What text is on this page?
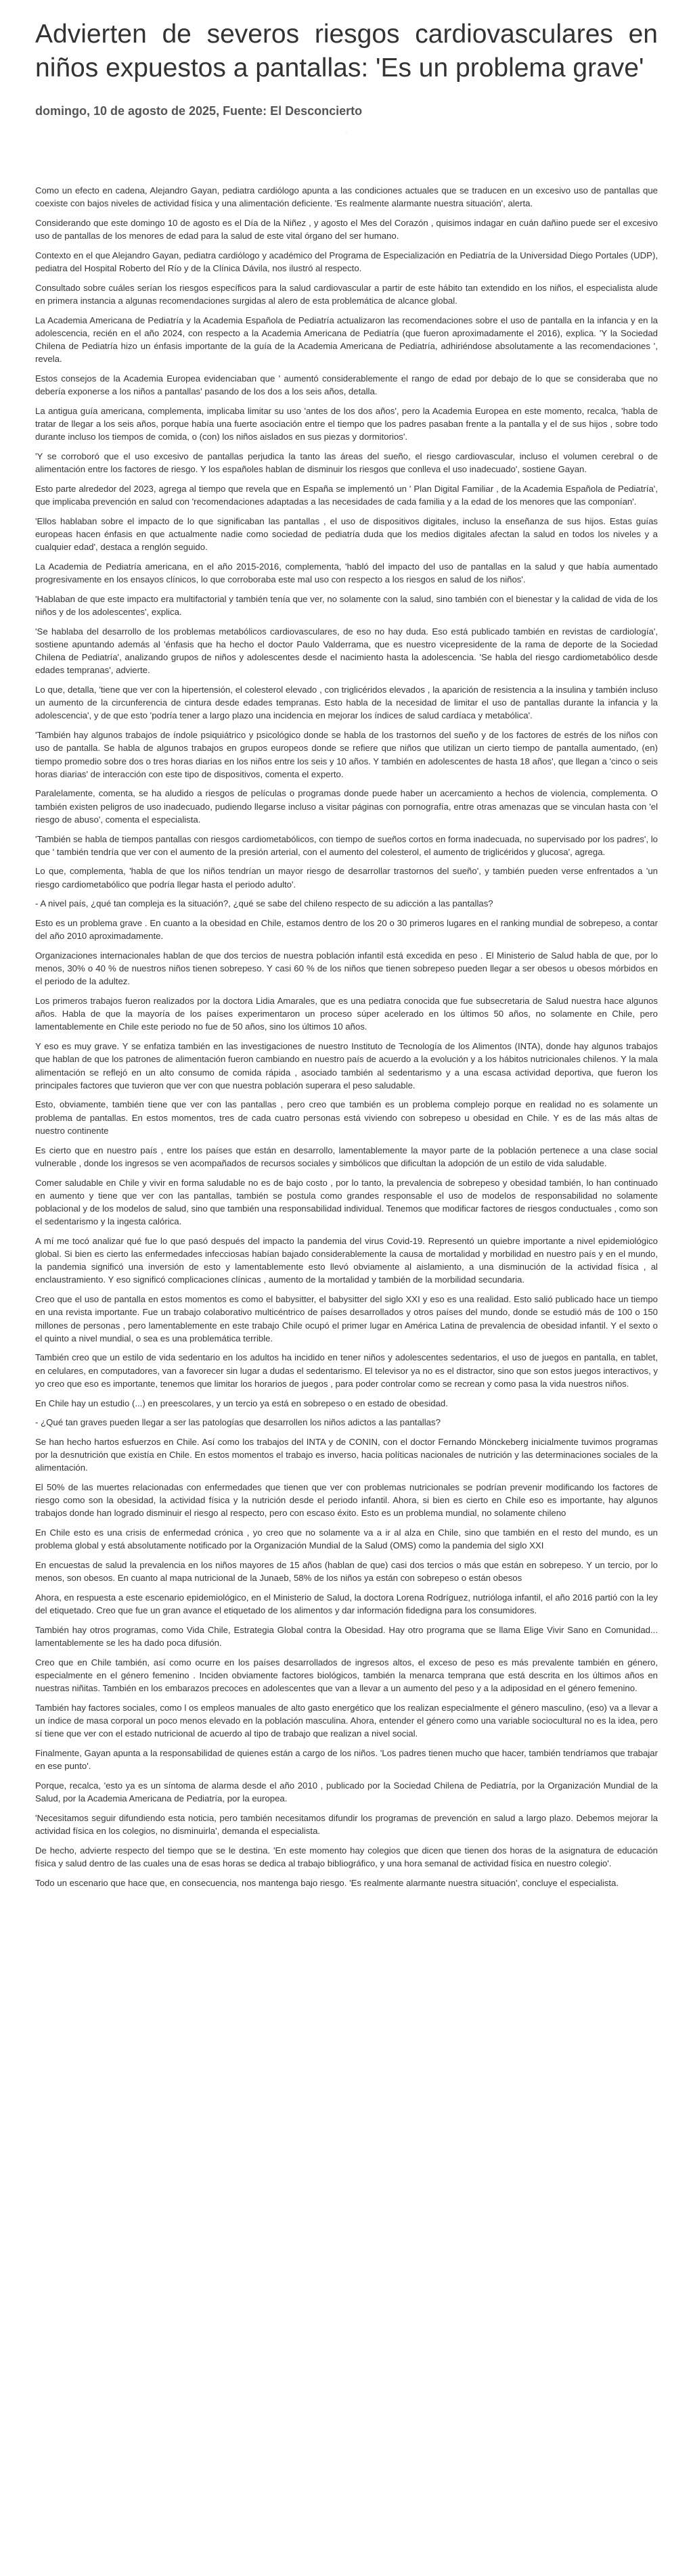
Advierten de severos riesgos cardiovasculares en niños expuestos a pantallas: 'Es un problema grave'
domingo, 10 de agosto de 2025, Fuente: El Desconcierto
·

Como un efecto en cadena, Alejandro Gayan, pediatra cardiólogo apunta a las condiciones actuales que se traducen en un excesivo uso de pantallas que coexiste con bajos niveles de actividad física y una alimentación deficiente. 'Es realmente alarmante nuestra situación', alerta.

Considerando que este domingo 10 de agosto es el Día de la Niñez , y agosto el Mes del Corazón , quisimos indagar en cuán dañino puede ser el excesivo uso de pantallas de los menores de edad para la salud de este vital órgano del ser humano.

Contexto en el que Alejandro Gayan, pediatra cardiólogo y académico del Programa de Especialización en Pediatría de la Universidad Diego Portales (UDP), pediatra del Hospital Roberto del Río y de la Clínica Dávila, nos ilustró al respecto.

Consultado sobre cuáles serían los riesgos específicos para la salud cardiovascular a partir de este hábito tan extendido en los niños, el especialista alude en primera instancia a algunas recomendaciones surgidas al alero de esta problemática de alcance global.

La Academia Americana de Pediatría y la Academia Española de Pediatría actualizaron las recomendaciones sobre el uso de pantalla en la infancia y en la adolescencia, recién en el año 2024, con respecto a la Academia Americana de Pediatría (que fueron aproximadamente el 2016), explica. 'Y la Sociedad Chilena de Pediatría hizo un énfasis importante de la guía de la Academia Americana de Pediatría, adhiriéndose absolutamente a las recomendaciones ', revela.

Estos consejos de la Academia Europea evidenciaban que ' aumentó considerablemente el rango de edad por debajo de lo que se consideraba que no debería exponerse a los niños a pantallas' pasando de los dos a los seis años, detalla.

La antigua guía americana, complementa, implicaba limitar su uso 'antes de los dos años', pero la Academia Europea en este momento, recalca, 'habla de tratar de llegar a los seis años, porque había una fuerte asociación entre el tiempo que los padres pasaban frente a la pantalla y el de sus hijos , sobre todo durante incluso los tiempos de comida, o (con) los niños aislados en sus piezas y dormitorios'.

'Y se corroboró que el uso excesivo de pantallas perjudica la tanto las áreas del sueño, el riesgo cardiovascular, incluso el volumen cerebral o de alimentación entre los factores de riesgo. Y los españoles hablan de disminuir los riesgos que conlleva el uso inadecuado', sostiene Gayan.

Esto parte alrededor del 2023, agrega al tiempo que revela que en España se implementó un ' Plan Digital Familiar , de la Academia Española de Pediatría', que implicaba prevención en salud con 'recomendaciones adaptadas a las necesidades de cada familia y a la edad de los menores que las componían'.

'Ellos hablaban sobre el impacto de lo que significaban las pantallas , el uso de dispositivos digitales, incluso la enseñanza de sus hijos. Estas guías europeas hacen énfasis en que actualmente nadie como sociedad de pediatría duda que los medios digitales afectan la salud en todos los niveles y a cualquier edad', destaca a renglón seguido.

La Academia de Pediatría americana, en el año 2015-2016, complementa, 'habló del impacto del uso de pantallas en la salud y que había aumentado progresivamente en los ensayos clínicos, lo que corroboraba este mal uso con respecto a los riesgos en salud de los niños'.

'Hablaban de que este impacto era multifactorial y también tenía que ver, no solamente con la salud, sino también con el bienestar y la calidad de vida de los niños y de los adolescentes', explica.

'Se hablaba del desarrollo de los problemas metabólicos cardiovasculares, de eso no hay duda. Eso está publicado también en revistas de cardiología', sostiene apuntando además al 'énfasis que ha hecho el doctor Paulo Valderrama, que es nuestro vicepresidente de la rama de deporte de la Sociedad Chilena de Pediatría', analizando grupos de niños y adolescentes desde el nacimiento hasta la adolescencia. 'Se habla del riesgo cardiometabólico desde edades tempranas', advierte.

Lo que, detalla, 'tiene que ver con la hipertensión, el colesterol elevado , con triglicéridos elevados , la aparición de resistencia a la insulina y también incluso un aumento de la circunferencia de cintura desde edades tempranas. Esto habla de la necesidad de limitar el uso de pantallas durante la infancia y la adolescencia', y de que esto 'podría tener a largo plazo una incidencia en mejorar los índices de salud cardíaca y metabólica'.

'También hay algunos trabajos de índole psiquiátrico y psicológico donde se habla de los trastornos del sueño y de los factores de estrés de los niños con uso de pantalla. Se habla de algunos trabajos en grupos europeos donde se refiere que niños que utilizan un cierto tiempo de pantalla aumentado, (en) tiempo promedio sobre dos o tres horas diarias en los niños entre los seis y 10 años. Y también en adolescentes de hasta 18 años', que llegan a 'cinco o seis horas diarias' de interacción con este tipo de dispositivos, comenta el experto.

Paralelamente, comenta, se ha aludido a riesgos de películas o programas donde puede haber un acercamiento a hechos de violencia, complementa. O también existen peligros de uso inadecuado, pudiendo llegarse incluso a visitar páginas con pornografía, entre otras amenazas que se vinculan hasta con 'el riesgo de abuso', comenta el especialista.

'También se habla de tiempos pantallas con riesgos cardiometabólicos, con tiempo de sueños cortos en forma inadecuada, no supervisado por los padres', lo que ' también tendría que ver con el aumento de la presión arterial, con el aumento del colesterol, el aumento de triglicéridos y glucosa', agrega.

Lo que, complementa, 'habla de que los niños tendrían un mayor riesgo de desarrollar trastornos del sueño', y también pueden verse enfrentados a 'un riesgo cardiometabólico que podría llegar hasta el periodo adulto'.

- A nivel país, ¿qué tan compleja es la situación?, ¿qué se sabe del chileno respecto de su adicción a las pantallas?

Esto es un problema grave . En cuanto a la obesidad en Chile, estamos dentro de los 20 o 30 primeros lugares en el ranking mundial de sobrepeso, a contar del año 2010 aproximadamente.

Organizaciones internacionales hablan de que dos tercios de nuestra población infantil está excedida en peso . El Ministerio de Salud habla de que, por lo menos, 30% o 40 % de nuestros niños tienen sobrepeso. Y casi 60 % de los niños que tienen sobrepeso pueden llegar a ser obesos u obesos mórbidos en el periodo de la adultez.

Los primeros trabajos fueron realizados por la doctora Lidia Amarales, que es una pediatra conocida que fue subsecretaria de Salud nuestra hace algunos años. Habla de que la mayoría de los países experimentaron un proceso súper acelerado en los últimos 50 años, no solamente en Chile, pero lamentablemente en Chile este periodo no fue de 50 años, sino los últimos 10 años.

Y eso es muy grave. Y se enfatiza también en las investigaciones de nuestro Instituto de Tecnología de los Alimentos (INTA), donde hay algunos trabajos que hablan de que los patrones de alimentación fueron cambiando en nuestro país de acuerdo a la evolución y a los hábitos nutricionales chilenos. Y la mala alimentación se reflejó en un alto consumo de comida rápida , asociado también al sedentarismo y a una escasa actividad deportiva, que fueron los principales factores que tuvieron que ver con que nuestra población superara el peso saludable.

Esto, obviamente, también tiene que ver con las pantallas , pero creo que también es un problema complejo porque en realidad no es solamente un problema de pantallas. En estos momentos, tres de cada cuatro personas está viviendo con sobrepeso u obesidad en Chile. Y es de las más altas de nuestro continente

Es cierto que en nuestro país , entre los países que están en desarrollo, lamentablemente la mayor parte de la población pertenece a una clase social vulnerable , donde los ingresos se ven acompañados de recursos sociales y simbólicos que dificultan la adopción de un estilo de vida saludable.

Comer saludable en Chile y vivir en forma saludable no es de bajo costo , por lo tanto, la prevalencia de sobrepeso y obesidad también, lo han continuado en aumento y tiene que ver con las pantallas, también se postula como grandes responsable el uso de modelos de responsabilidad no solamente poblacional y de los modelos de salud, sino que también una responsabilidad individual. Tenemos que modificar factores de riesgos conductuales , como son el sedentarismo y la ingesta calórica.

A mí me tocó analizar qué fue lo que pasó después del impacto la pandemia del virus Covid-19. Representó un quiebre importante a nivel epidemiológico global. Si bien es cierto las enfermedades infecciosas habían bajado considerablemente la causa de mortalidad y morbilidad en nuestro país y en el mundo, la pandemia significó una inversión de esto y lamentablemente esto llevó obviamente al aislamiento, a una disminución de la actividad física , al enclaustramiento. Y eso significó complicaciones clínicas , aumento de la mortalidad y también de la morbilidad secundaria.

Creo que el uso de pantalla en estos momentos es como el babysitter, el babysitter del siglo XXI y eso es una realidad. Esto salió publicado hace un tiempo en una revista importante. Fue un trabajo colaborativo multicéntrico de países desarrollados y otros países del mundo, donde se estudió más de 100 o 150 millones de personas , pero lamentablemente en este trabajo Chile ocupó el primer lugar en América Latina de prevalencia de obesidad infantil. Y el sexto o el quinto a nivel mundial, o sea es una problemática terrible.

También creo que un estilo de vida sedentario en los adultos ha incidido en tener niños y adolescentes sedentarios, el uso de juegos en pantalla, en tablet, en celulares, en computadores, van a favorecer sin lugar a dudas el sedentarismo. El televisor ya no es el distractor, sino que son estos juegos interactivos, y yo creo que eso es importante, tenemos que limitar los horarios de juegos , para poder controlar como se recrean y como pasa la vida nuestros niños.

En Chile hay un estudio (...) en preescolares, y un tercio ya está en sobrepeso o en estado de obesidad.

- ¿Qué tan graves pueden llegar a ser las patologías que desarrollen los niños adictos a las pantallas?

Se han hecho hartos esfuerzos en Chile. Así como los trabajos del INTA y de CONIN, con el doctor Fernando Mönckeberg inicialmente tuvimos programas por la desnutrición que existía en Chile. En estos momentos el trabajo es inverso, hacia políticas nacionales de nutrición y las determinaciones sociales de la alimentación.

El 50% de las muertes relacionadas con enfermedades que tienen que ver con problemas nutricionales se podrían prevenir modificando los factores de riesgo como son la obesidad, la actividad física y la nutrición desde el periodo infantil. Ahora, si bien es cierto en Chile eso es importante, hay algunos trabajos donde han logrado disminuir el riesgo al respecto, pero con escaso éxito. Esto es un problema mundial, no solamente chileno

En Chile esto es una crisis de enfermedad crónica , yo creo que no solamente va a ir al alza en Chile, sino que también en el resto del mundo, es un problema global y está absolutamente notificado por la Organización Mundial de la Salud (OMS) como la pandemia del siglo XXI

En encuestas de salud la prevalencia en los niños mayores de 15 años (hablan de que) casi dos tercios o más que están en sobrepeso. Y un tercio, por lo menos, son obesos. En cuanto al mapa nutricional de la Junaeb, 58% de los niños ya están con sobrepeso o están obesos

Ahora, en respuesta a este escenario epidemiológico, en el Ministerio de Salud, la doctora Lorena Rodríguez, nutrióloga infantil, el año 2016 partió con la ley del etiquetado. Creo que fue un gran avance el etiquetado de los alimentos y dar información fidedigna para los consumidores.

También hay otros programas, como Vida Chile, Estrategia Global contra la Obesidad. Hay otro programa que se llama Elige Vivir Sano en Comunidad... lamentablemente se les ha dado poca difusión.

Creo que en Chile también, así como ocurre en los países desarrollados de ingresos altos, el exceso de peso es más prevalente también en género, especialmente en el género femenino . Inciden obviamente factores biológicos, también la menarca temprana que está descrita en los últimos años en nuestras niñitas. También en los embarazos precoces en adolescentes que van a llevar a un aumento del peso y a la adiposidad en el género femenino.

También hay factores sociales, como l os empleos manuales de alto gasto energético que los realizan especialmente el género masculino, (eso) va a llevar a un índice de masa corporal un poco menos elevado en la población masculina. Ahora, entender el género como una variable sociocultural no es la idea, pero sí tiene que ver con el estado nutricional de acuerdo al tipo de trabajo que realizan a nivel social.

Finalmente, Gayan apunta a la responsabilidad de quienes están a cargo de los niños. 'Los padres tienen mucho que hacer, también tendríamos que trabajar en ese punto'.

Porque, recalca, 'esto ya es un síntoma de alarma desde el año 2010 , publicado por la Sociedad Chilena de Pediatría, por la Organización Mundial de la Salud, por la Academia Americana de Pediatría, por la europea.

'Necesitamos seguir difundiendo esta noticia, pero también necesitamos difundir los programas de prevención en salud a largo plazo. Debemos mejorar la actividad física en los colegios, no disminuirla', demanda el especialista.

De hecho, advierte respecto del tiempo que se le destina. 'En este momento hay colegios que dicen que tienen dos horas de la asignatura de educación física y salud dentro de las cuales una de esas horas se dedica al trabajo bibliográfico, y una hora semanal de actividad física en nuestro colegio'.

Todo un escenario que hace que, en consecuencia, nos mantenga bajo riesgo. 'Es realmente alarmante nuestra situación', concluye el especialista.
